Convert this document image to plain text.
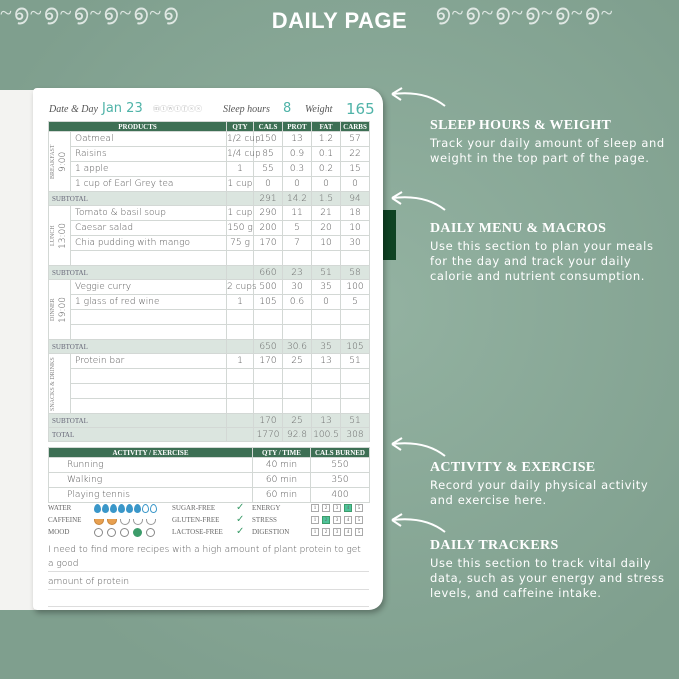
~ ൭ ~ ൭ ~ ൭ ~ ൭ ~ ൭ ~ ൭	൭ ~ ൭ ~ ൭ ~ ൭ ~ ൭ ~ ൭ ~
DAILY PAGE
Date & Day Jan 23 ⓜⓣⓦⓣⓕⓢⓢ Sleep hours 8 Weight 165
PRODUCTS		QTY	CALS	PROT	FAT	CARBS

BREAKFAST 9:00	Oatmeal	1/2 cup	150	13	1.2	57
	Raisins	1/4 cup	85	0.9	0.1	22
	1 apple	1	55	0.3	0.2	15
	1 cup of Earl Grey tea	1 cup	0	0	0	0
SUBTOTAL			291	14.2	1.5	94

LUNCH 13:00	Tomato & basil soup	1 cup	290	11	21	18
	Caesar salad	150 g	200	5	20	10
	Chia pudding with mango	75 g	170	7	10	30

SUBTOTAL			660	23	51	58

DINNER 19:00	Veggie curry	2 cups	500	30	35	100
	1 glass of red wine	1	105	0.6	0	5

SUBTOTAL			650	30.6	35	105

SNACKS & DRINKS	Protein bar	1	170	25	13	51

SUBTOTAL			170	25	13	51
TOTAL			1770	92.8	100.5	308
ACTIVITY / EXERCISE	QTY / TIME	CALS BURNED
Running	40 min	550
Walking	60 min	350
Playing tennis	60 min	400
WATER	SUGAR-FREE ✓ ENERGY	1 2 3 4 5
CAFFEINE	GLUTEN-FREE ✓ STRESS	1 2 3 4 5
MOOD	LACTOSE-FREE ✓ DIGESTION	1 2 3 4 5
I need to find more recipes with a high amount of plant protein to get a good
amount of protein
SLEEP HOURS & WEIGHT

Track your daily amount of sleep and weight in the top part of the page.

DAILY MENU & MACROS

Use this section to plan your meals for the day and track your daily calorie and nutrient consumption.

ACTIVITY & EXERCISE

Record your daily physical activity and exercise here.

DAILY TRACKERS

Use this section to track vital daily data, such as your energy and stress levels, and caffeine intake.
